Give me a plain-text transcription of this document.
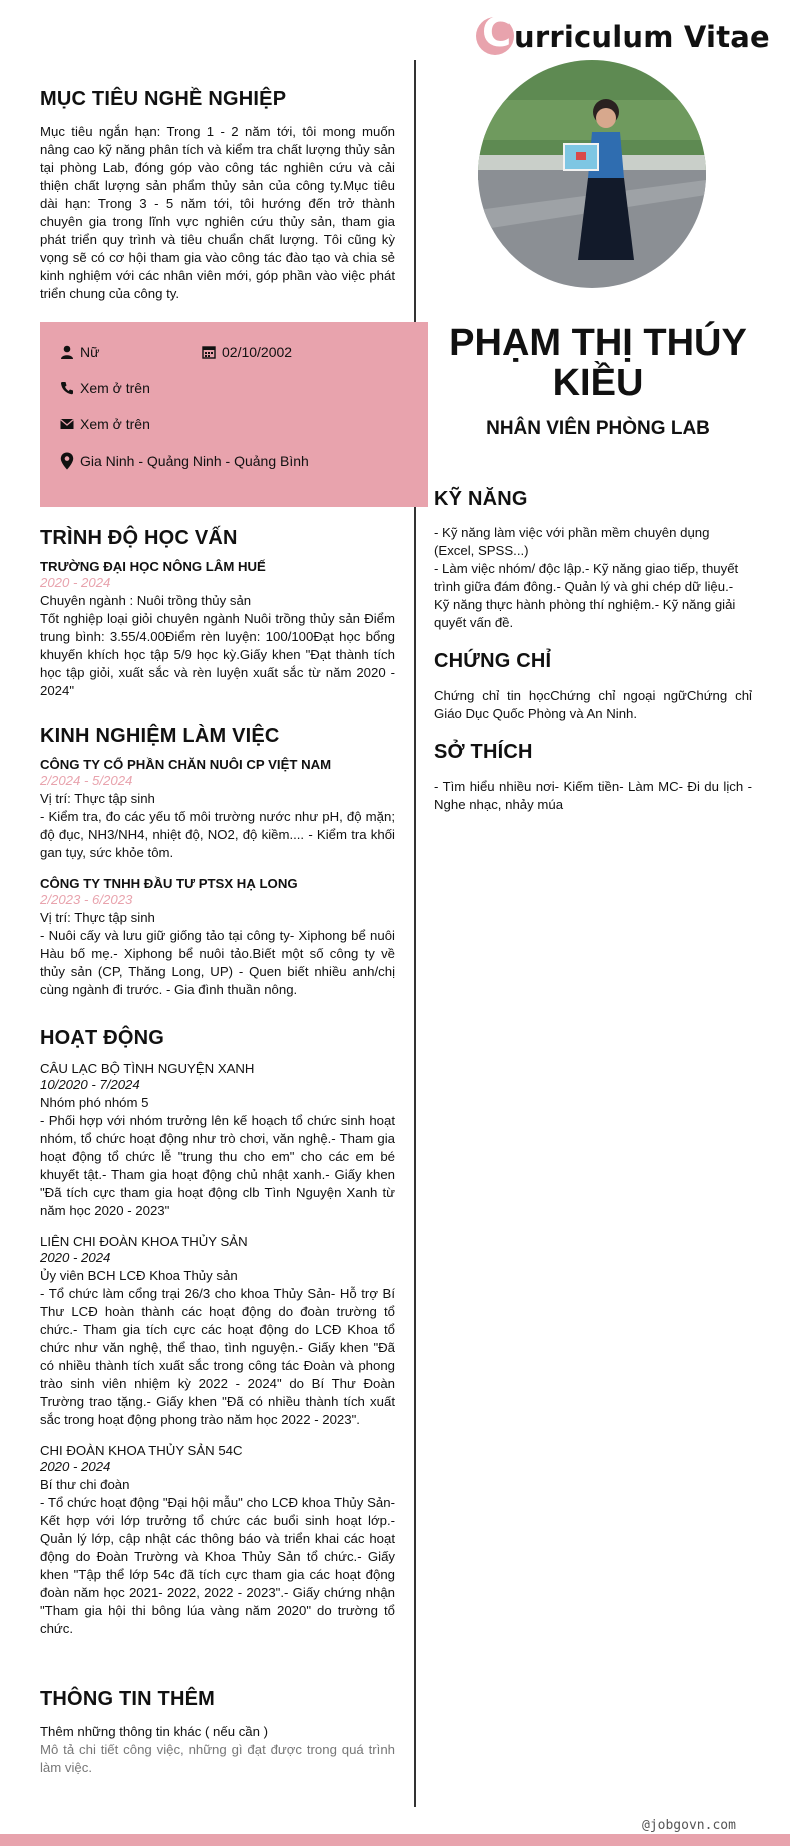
C urriculum Vitae
MỤC TIÊU NGHỀ NGHIỆP

Mục tiêu ngắn hạn: Trong 1 - 2 năm tới, tôi mong muốn nâng cao kỹ năng phân tích và kiểm tra chất lượng thủy sản tại phòng Lab, đóng góp vào công tác nghiên cứu và cải thiện chất lượng sản phẩm thủy sản của công ty.Mục tiêu dài hạn: Trong 3 - 5 năm tới, tôi hướng đến trở thành chuyên gia trong lĩnh vực nghiên cứu thủy sản, tham gia phát triển quy trình và tiêu chuẩn chất lượng. Tôi cũng kỳ vọng sẽ có cơ hội tham gia vào công tác đào tạo và chia sẻ kinh nghiệm với các nhân viên mới, góp phần vào việc phát triển chung của công ty.

Nữ	02/10/2002
Xem ở trên
Xem ở trên
Gia Ninh - Quảng Ninh - Quảng Bình
PHẠM THỊ THÚY KIỀU
NHÂN VIÊN PHÒNG LAB
TRÌNH ĐỘ HỌC VẤN

TRƯỜNG ĐẠI HỌC NÔNG LÂM HUẾ

2020 - 2024

Chuyên ngành : Nuôi trồng thủy sản

Tốt nghiệp loại giỏi chuyên ngành Nuôi trồng thủy sản Điểm trung bình: 3.55/4.00Điểm rèn luyện: 100/100Đạt học bổng khuyến khích học tập 5/9 học kỳ.Giấy khen "Đạt thành tích học tập giỏi, xuất sắc và rèn luyện xuất sắc từ năm 2020 - 2024"

KINH NGHIỆM LÀM VIỆC

CÔNG TY CỔ PHẦN CHĂN NUÔI CP VIỆT NAM

2/2024 - 5/2024

Vị trí: Thực tập sinh

- Kiểm tra, đo các yếu tố môi trường nước như pH, độ mặn; độ đục, NH3/NH4, nhiệt độ, NO2, độ kiềm.... - Kiểm tra khối gan tụy, sức khỏe tôm.

CÔNG TY TNHH ĐẦU TƯ PTSX HẠ LONG

2/2023 - 6/2023

Vị trí: Thực tập sinh

- Nuôi cấy và lưu giữ giống tảo tại công ty- Xiphong bể nuôi Hàu bố mẹ.- Xiphong bể nuôi tảo.Biết một số công ty về thủy sản (CP, Thăng Long, UP) - Quen biết nhiều anh/chị cùng ngành đi trước. - Gia đình thuần nông.

HOẠT ĐỘNG

CÂU LẠC BỘ TÌNH NGUYỆN XANH

10/2020 - 7/2024

Nhóm phó nhóm 5

- Phối hợp với nhóm trưởng lên kế hoạch tổ chức sinh hoạt nhóm, tổ chức hoạt động như trò chơi, văn nghệ.- Tham gia hoạt động tổ chức lễ "trung thu cho em" cho các em bé khuyết tật.- Tham gia hoạt động chủ nhật xanh.- Giấy khen "Đã tích cực tham gia hoạt động clb Tình Nguyện Xanh từ năm học 2020 - 2023"

LIÊN CHI ĐOÀN KHOA THỦY SẢN

2020 - 2024

Ủy viên BCH LCĐ Khoa Thủy sản

- Tổ chức làm cổng trại 26/3 cho khoa Thủy Sản- Hỗ trợ Bí Thư LCĐ hoàn thành các hoạt động do đoàn trường tổ chức.- Tham gia tích cực các hoạt động do LCĐ Khoa tổ chức như văn nghệ, thể thao, tình nguyện.- Giấy khen "Đã có nhiều thành tích xuất sắc trong công tác Đoàn và phong trào sinh viên nhiệm kỳ 2022 - 2024" do Bí Thư Đoàn Trường trao tặng.- Giấy khen "Đã có nhiều thành tích xuất sắc trong hoạt động phong trào năm học 2022 - 2023".

CHI ĐOÀN KHOA THỦY SẢN 54C

2020 - 2024

Bí thư chi đoàn

- Tổ chức hoạt động "Đại hội mẫu" cho LCĐ khoa Thủy Sản- Kết hợp với lớp trưởng tổ chức các buổi sinh hoạt lớp.- Quản lý lớp, cập nhật các thông báo và triển khai các hoạt động do Đoàn Trường và Khoa Thủy Sản tổ chức.- Giấy khen "Tập thể lớp 54c đã tích cực tham gia các hoạt động đoàn năm học 2021- 2022, 2022 - 2023".- Giấy chứng nhận "Tham gia hội thi bông lúa vàng năm 2020" do trường tổ chức.

THÔNG TIN THÊM

Thêm những thông tin khác ( nếu cần )

Mô tả chi tiết công việc, những gì đạt được trong quá trình làm việc.

KỸ NĂNG

- Kỹ năng làm việc với phần mềm chuyên dụng (Excel, SPSS...)
- Làm việc nhóm/ độc lập.- Kỹ năng giao tiếp, thuyết trình giữa đám đông.- Quản lý và ghi chép dữ liệu.- Kỹ năng thực hành phòng thí nghiệm.- Kỹ năng giải quyết vấn đề.

CHỨNG CHỈ

Chứng chỉ tin họcChứng chỉ ngoại ngữChứng chỉ Giáo Dục Quốc Phòng và An Ninh.

SỞ THÍCH

- Tìm hiểu nhiều nơi- Kiếm tiền- Làm MC- Đi du lịch - Nghe nhạc, nhảy múa

@jobgovn.com
